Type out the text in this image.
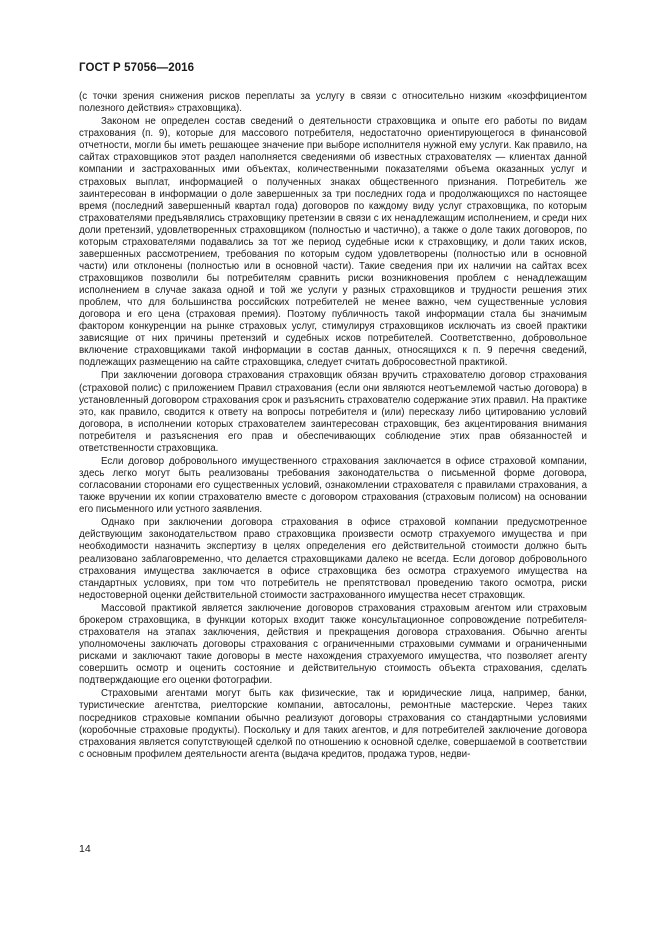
ГОСТ Р 57056—2016

(с точки зрения снижения рисков переплаты за услугу в связи с относительно низким «коэффициентом полезного действия» страховщика).

Законом не определен состав сведений о деятельности страховщика и опыте его работы по видам страхования (п. 9), которые для массового потребителя, недостаточно ориентирующегося в финансовой отчетности, могли бы иметь решающее значение при выборе исполнителя нужной ему услуги. Как правило, на сайтах страховщиков этот раздел наполняется сведениями об известных страхователях — клиентах данной компании и застрахованных ими объектах, количественными показателями объема оказанных услуг и страховых выплат, информацией о полученных знаках общественного признания. Потребитель же заинтересован в информации о доле завершенных за три последних года и продолжающихся по настоящее время (последний завершенный квартал года) договоров по каждому виду услуг страховщика, по которым страхователями предъявлялись страховщику претензии в связи с их ненадлежащим исполнением, и среди них доли претензий, удовлетворенных страховщиком (полностью и частично), а также о доле таких договоров, по которым страхователями подавались за тот же период судебные иски к страховщику, и доли таких исков, завершенных рассмотрением, требования по которым судом удовлетворены (полностью или в основной части) или отклонены (полностью или в основной части). Такие сведения при их наличии на сайтах всех страховщиков позволили бы потребителям сравнить риски возникновения проблем с ненадлежащим исполнением в случае заказа одной и той же услуги у разных страховщиков и трудности решения этих проблем, что для большинства российских потребителей не менее важно, чем существенные условия договора и его цена (страховая премия). Поэтому публичность такой информации стала бы значимым фактором конкуренции на рынке страховых услуг, стимулируя страховщиков исключать из своей практики зависящие от них причины претензий и судебных исков потребителей. Соответственно, добровольное включение страховщиками такой информации в состав данных, относящихся к п. 9 перечня сведений, подлежащих размещению на сайте страховщика, следует считать добросовестной практикой.

При заключении договора страхования страховщик обязан вручить страхователю договор страхования (страховой полис) с приложением Правил страхования (если они являются неотъемлемой частью договора) в установленный договором страхования срок и разъяснить страхователю содержание этих правил. На практике это, как правило, сводится к ответу на вопросы потребителя и (или) пересказу либо цитированию условий договора, в исполнении которых страхователем заинтересован страховщик, без акцентирования внимания потребителя и разъяснения его прав и обеспечивающих соблюдение этих прав обязанностей и ответственности страховщика.

Если договор добровольного имущественного страхования заключается в офисе страховой компании, здесь легко могут быть реализованы требования законодательства о письменной форме договора, согласовании сторонами его существенных условий, ознакомлении страхователя с правилами страхования, а также вручении их копии страхователю вместе с договором страхования (страховым полисом) на основании его письменного или устного заявления.

Однако при заключении договора страхования в офисе страховой компании предусмотренное действующим законодательством право страховщика произвести осмотр страхуемого имущества и при необходимости назначить экспертизу в целях определения его действительной стоимости должно быть реализовано заблаговременно, что делается страховщиками далеко не всегда. Если договор добровольного страхования имущества заключается в офисе страховщика без осмотра страхуемого имущества на стандартных условиях, при том что потребитель не препятствовал проведению такого осмотра, риски недостоверной оценки действительной стоимости застрахованного имущества несет страховщик.

Массовой практикой является заключение договоров страхования страховым агентом или страховым брокером страховщика, в функции которых входит также консультационное сопровождение потребителя-страхователя на этапах заключения, действия и прекращения договора страхования. Обычно агенты уполномочены заключать договоры страхования с ограниченными страховыми суммами и ограниченными рисками и заключают такие договоры в месте нахождения страхуемого имущества, что позволяет агенту совершить осмотр и оценить состояние и действительную стоимость объекта страхования, сделать подтверждающие его оценки фотографии.

Страховыми агентами могут быть как физические, так и юридические лица, например, банки, туристические агентства, риелторские компании, автосалоны, ремонтные мастерские. Через таких посредников страховые компании обычно реализуют договоры страхования со стандартными условиями (коробочные страховые продукты). Поскольку и для таких агентов, и для потребителей заключение договора страхования является сопутствующей сделкой по отношению к основной сделке, совершаемой в соответствии с основным профилем деятельности агента (выдача кредитов, продажа туров, недви-

14
